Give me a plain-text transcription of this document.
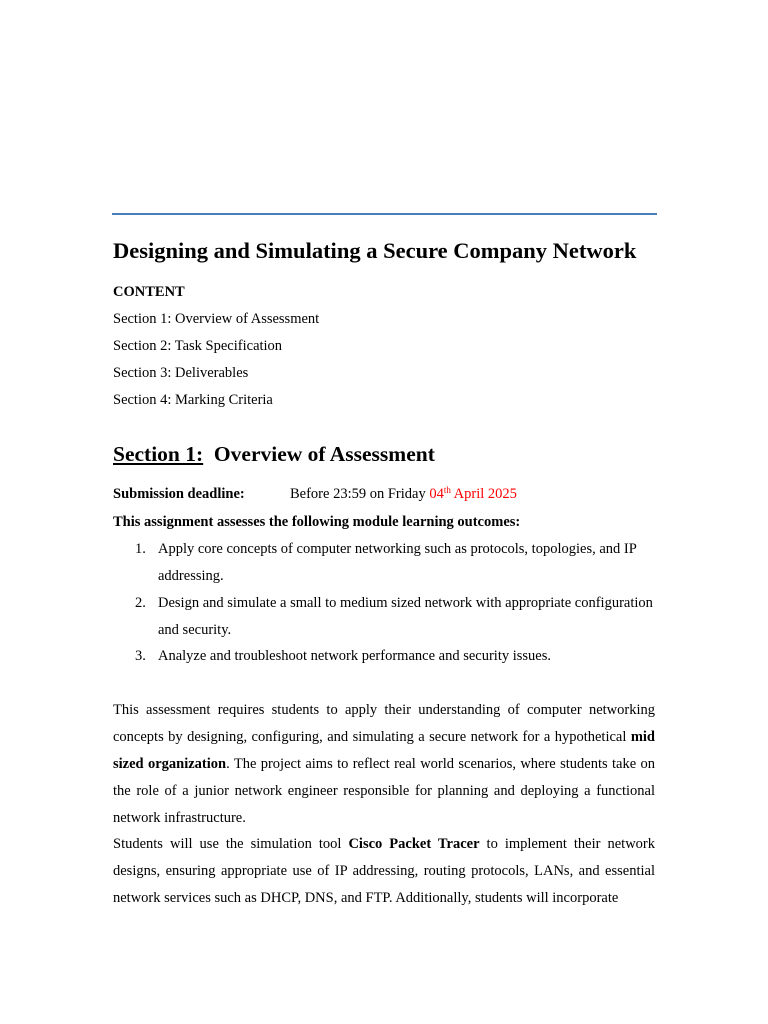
Designing and Simulating a Secure Company Network
CONTENT
Section 1: Overview of Assessment
Section 2: Task Specification
Section 3: Deliverables
Section 4: Marking Criteria
Section 1: Overview of Assessment
Submission deadline:	Before 23:59 on Friday 04th April 2025
This assignment assesses the following module learning outcomes:
1. Apply core concepts of computer networking such as protocols, topologies, and IP addressing.
2. Design and simulate a small to medium sized network with appropriate configuration and security.
3. Analyze and troubleshoot network performance and security issues.
This assessment requires students to apply their understanding of computer networking concepts by designing, configuring, and simulating a secure network for a hypothetical mid sized organization. The project aims to reflect real world scenarios, where students take on the role of a junior network engineer responsible for planning and deploying a functional network infrastructure.
Students will use the simulation tool Cisco Packet Tracer to implement their network designs, ensuring appropriate use of IP addressing, routing protocols, LANs, and essential network services such as DHCP, DNS, and FTP. Additionally, students will incorporate
